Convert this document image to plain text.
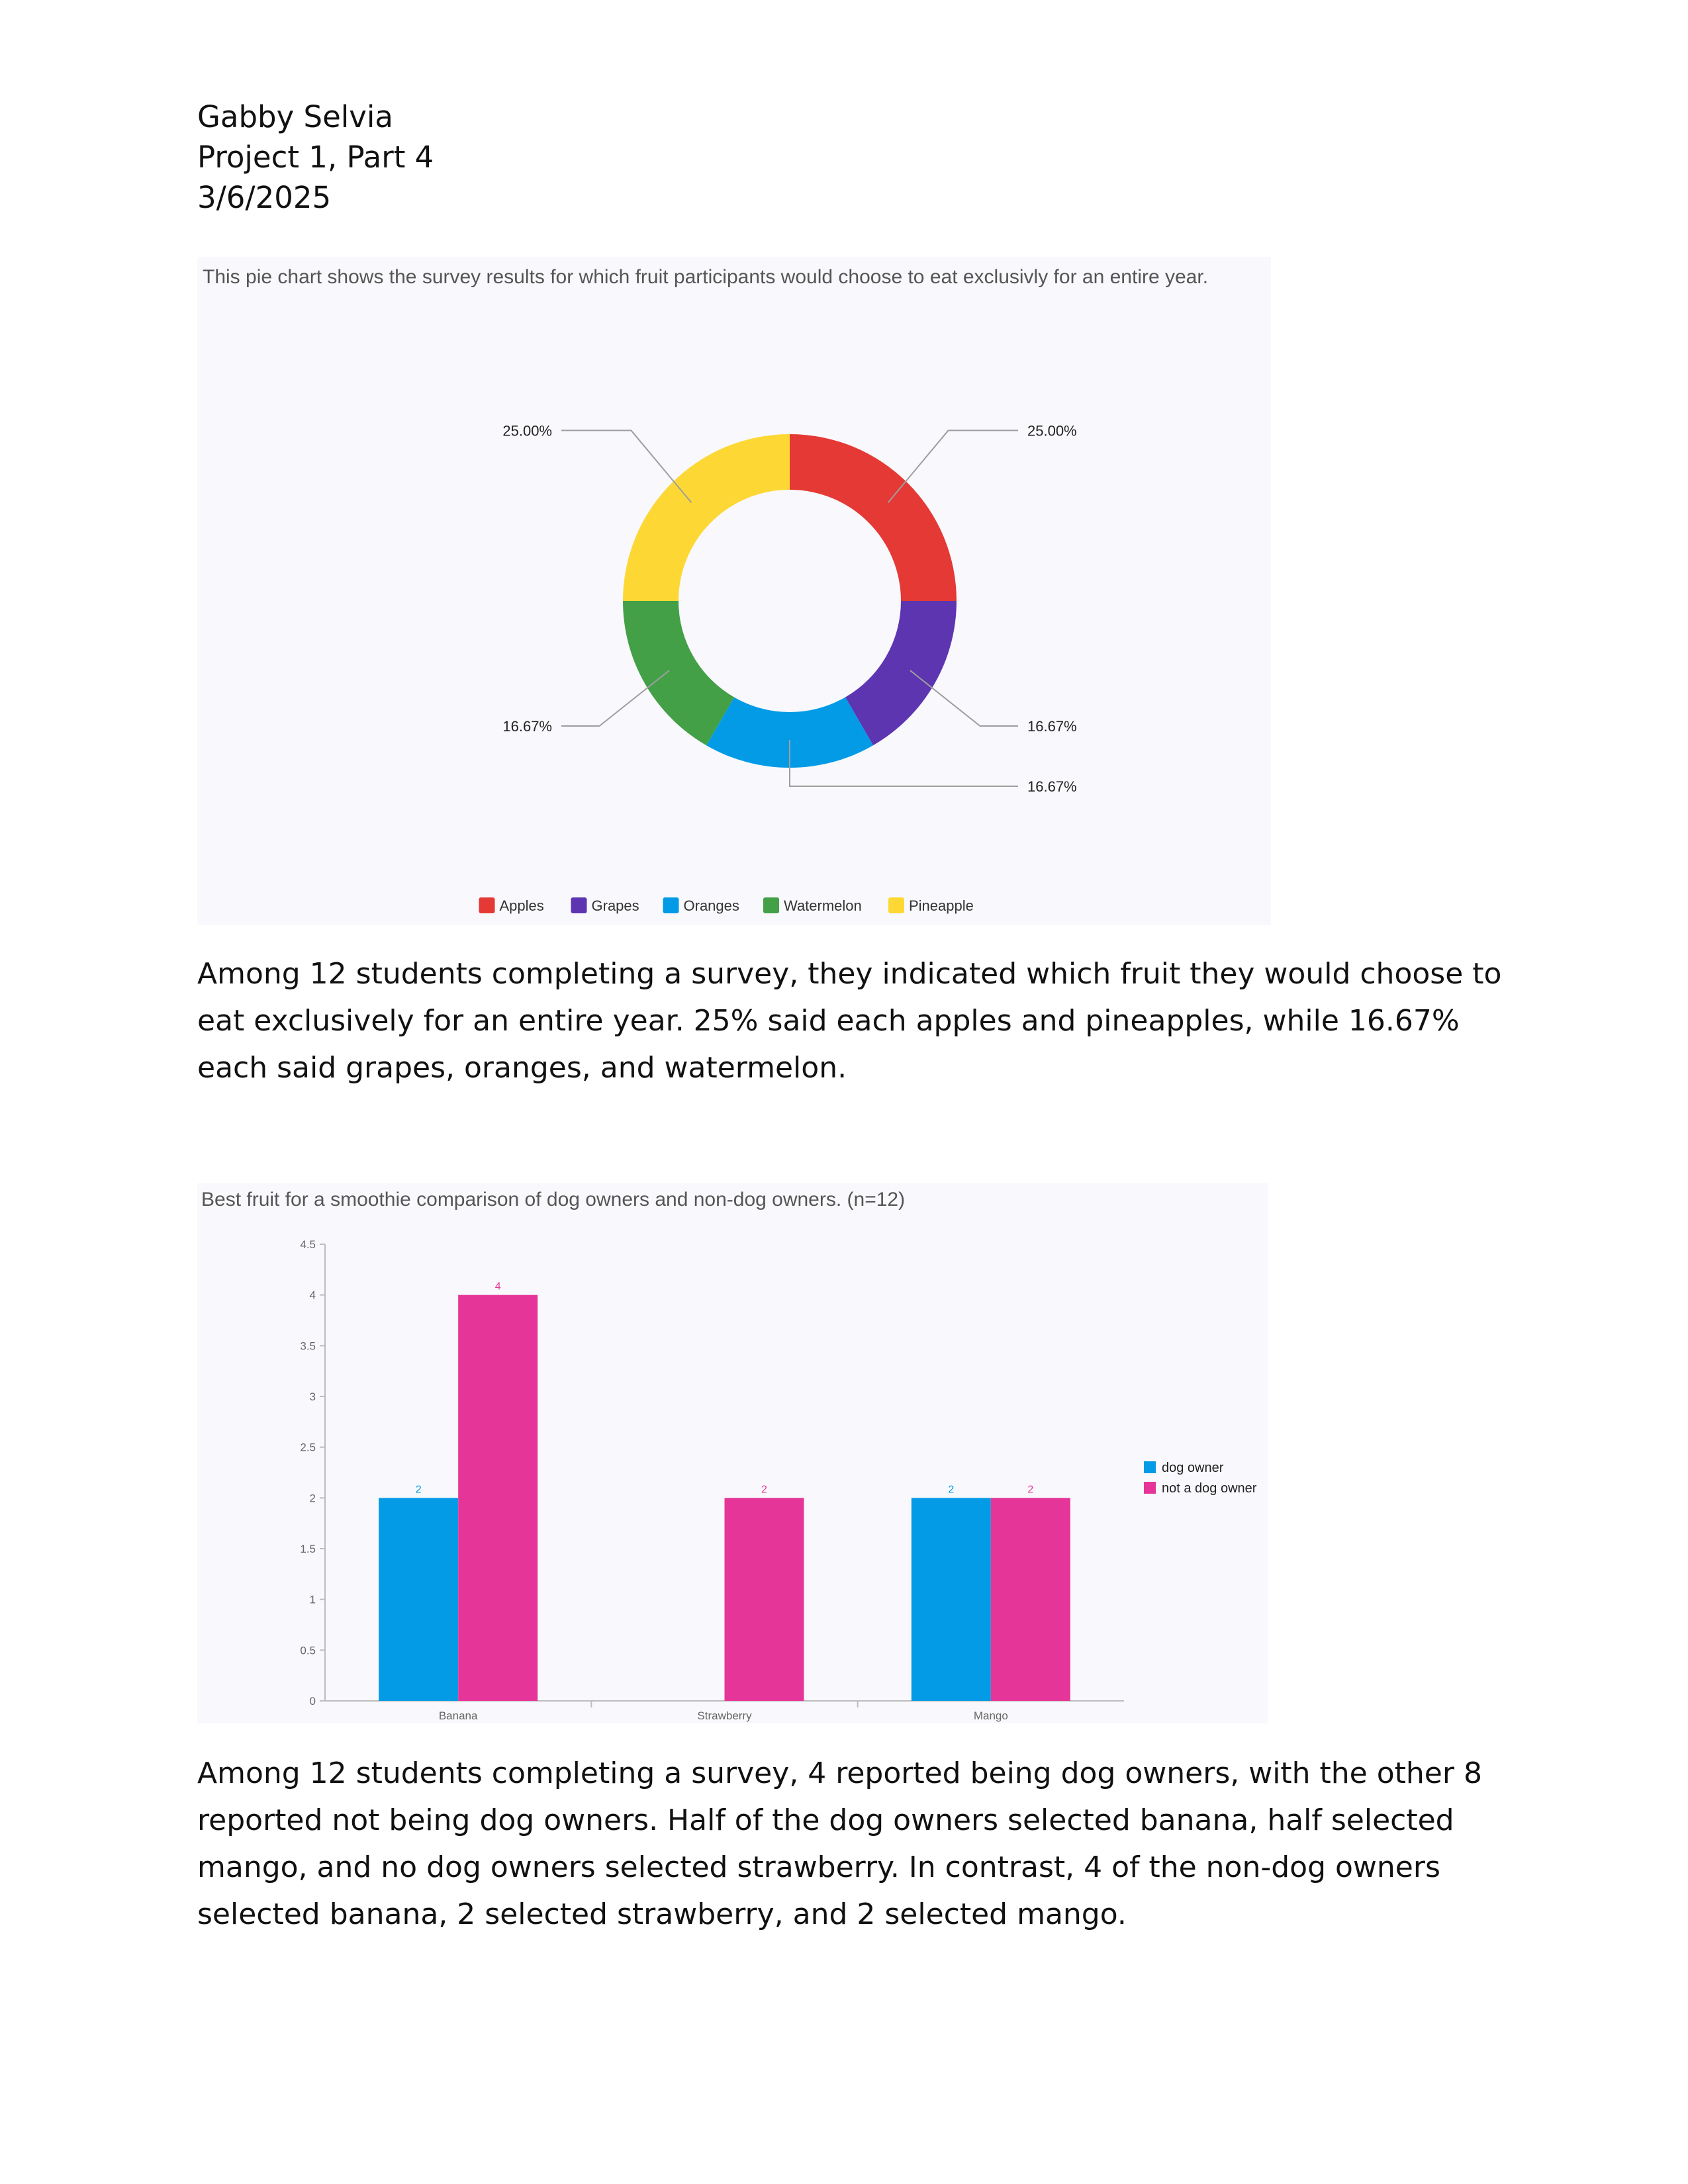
Gabby Selvia
Project 1, Part 4
3/6/2025
This pie chart shows the survey results for which fruit participants would choose to eat exclusivly for an entire year.
25.00%
16.67%
16.67%
16.67%
25.00%
Apples	Grapes	Oranges	Watermelon	Pineapple
Among 12 students completing a survey, they indicated which fruit they would choose to eat exclusively for an entire year. 25% said each apples and pineapples, while 16.67% each said grapes, oranges, and watermelon.
Best fruit for a smoothie comparison of dog owners and non-dog owners. (n=12)
0
0.5
1
1.5
2
2.5
3
3.5
4
4.5
Banana
2
4
Strawberry
2
Mango
2	2
dog owner
not a dog owner
Among 12 students completing a survey, 4 reported being dog owners, with the other 8 reported not being dog owners. Half of the dog owners selected banana, half selected mango, and no dog owners selected strawberry. In contrast, 4 of the non-dog owners selected banana, 2 selected strawberry, and 2 selected mango.
